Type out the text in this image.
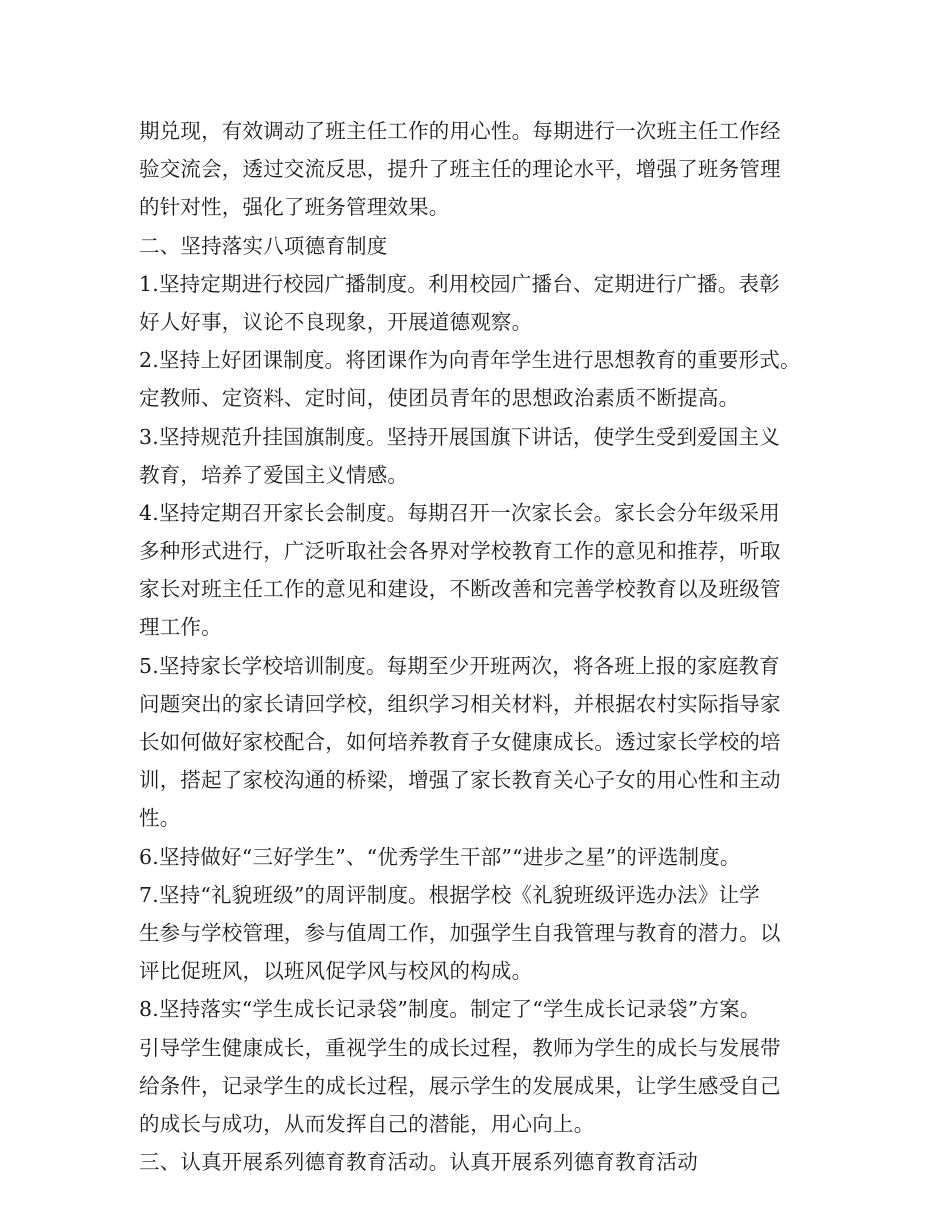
期兑现，有效调动了班主任工作的用心性。每期进行一次班主任工作经
验交流会，透过交流反思，提升了班主任的理论水平，增强了班务管理
的针对性，强化了班务管理效果。
二、坚持落实八项德育制度
1.坚持定期进行校园广播制度。利用校园广播台、定期进行广播。表彰
好人好事，议论不良现象，开展道德观察。
2.坚持上好团课制度。将团课作为向青年学生进行思想教育的重要形式。
定教师、定资料、定时间，使团员青年的思想政治素质不断提高。
3.坚持规范升挂国旗制度。坚持开展国旗下讲话，使学生受到爱国主义
教育，培养了爱国主义情感。
4.坚持定期召开家长会制度。每期召开一次家长会。家长会分年级采用
多种形式进行，广泛听取社会各界对学校教育工作的意见和推荐，听取
家长对班主任工作的意见和建设，不断改善和完善学校教育以及班级管
理工作。
5.坚持家长学校培训制度。每期至少开班两次，将各班上报的家庭教育
问题突出的家长请回学校，组织学习相关材料，并根据农村实际指导家
长如何做好家校配合，如何培养教育子女健康成长。透过家长学校的培
训，搭起了家校沟通的桥梁，增强了家长教育关心子女的用心性和主动
性。
6.坚持做好“三好学生”、“优秀学生干部”“进步之星”的评选制度。
7.坚持“礼貌班级”的周评制度。根据学校《礼貌班级评选办法》让学
生参与学校管理，参与值周工作，加强学生自我管理与教育的潜力。以
评比促班风，以班风促学风与校风的构成。
8.坚持落实“学生成长记录袋”制度。制定了“学生成长记录袋”方案。
引导学生健康成长，重视学生的成长过程，教师为学生的成长与发展带
给条件，记录学生的成长过程，展示学生的发展成果，让学生感受自己
的成长与成功，从而发挥自己的潜能，用心向上。
三、认真开展系列德育教育活动。认真开展系列德育教育活动
